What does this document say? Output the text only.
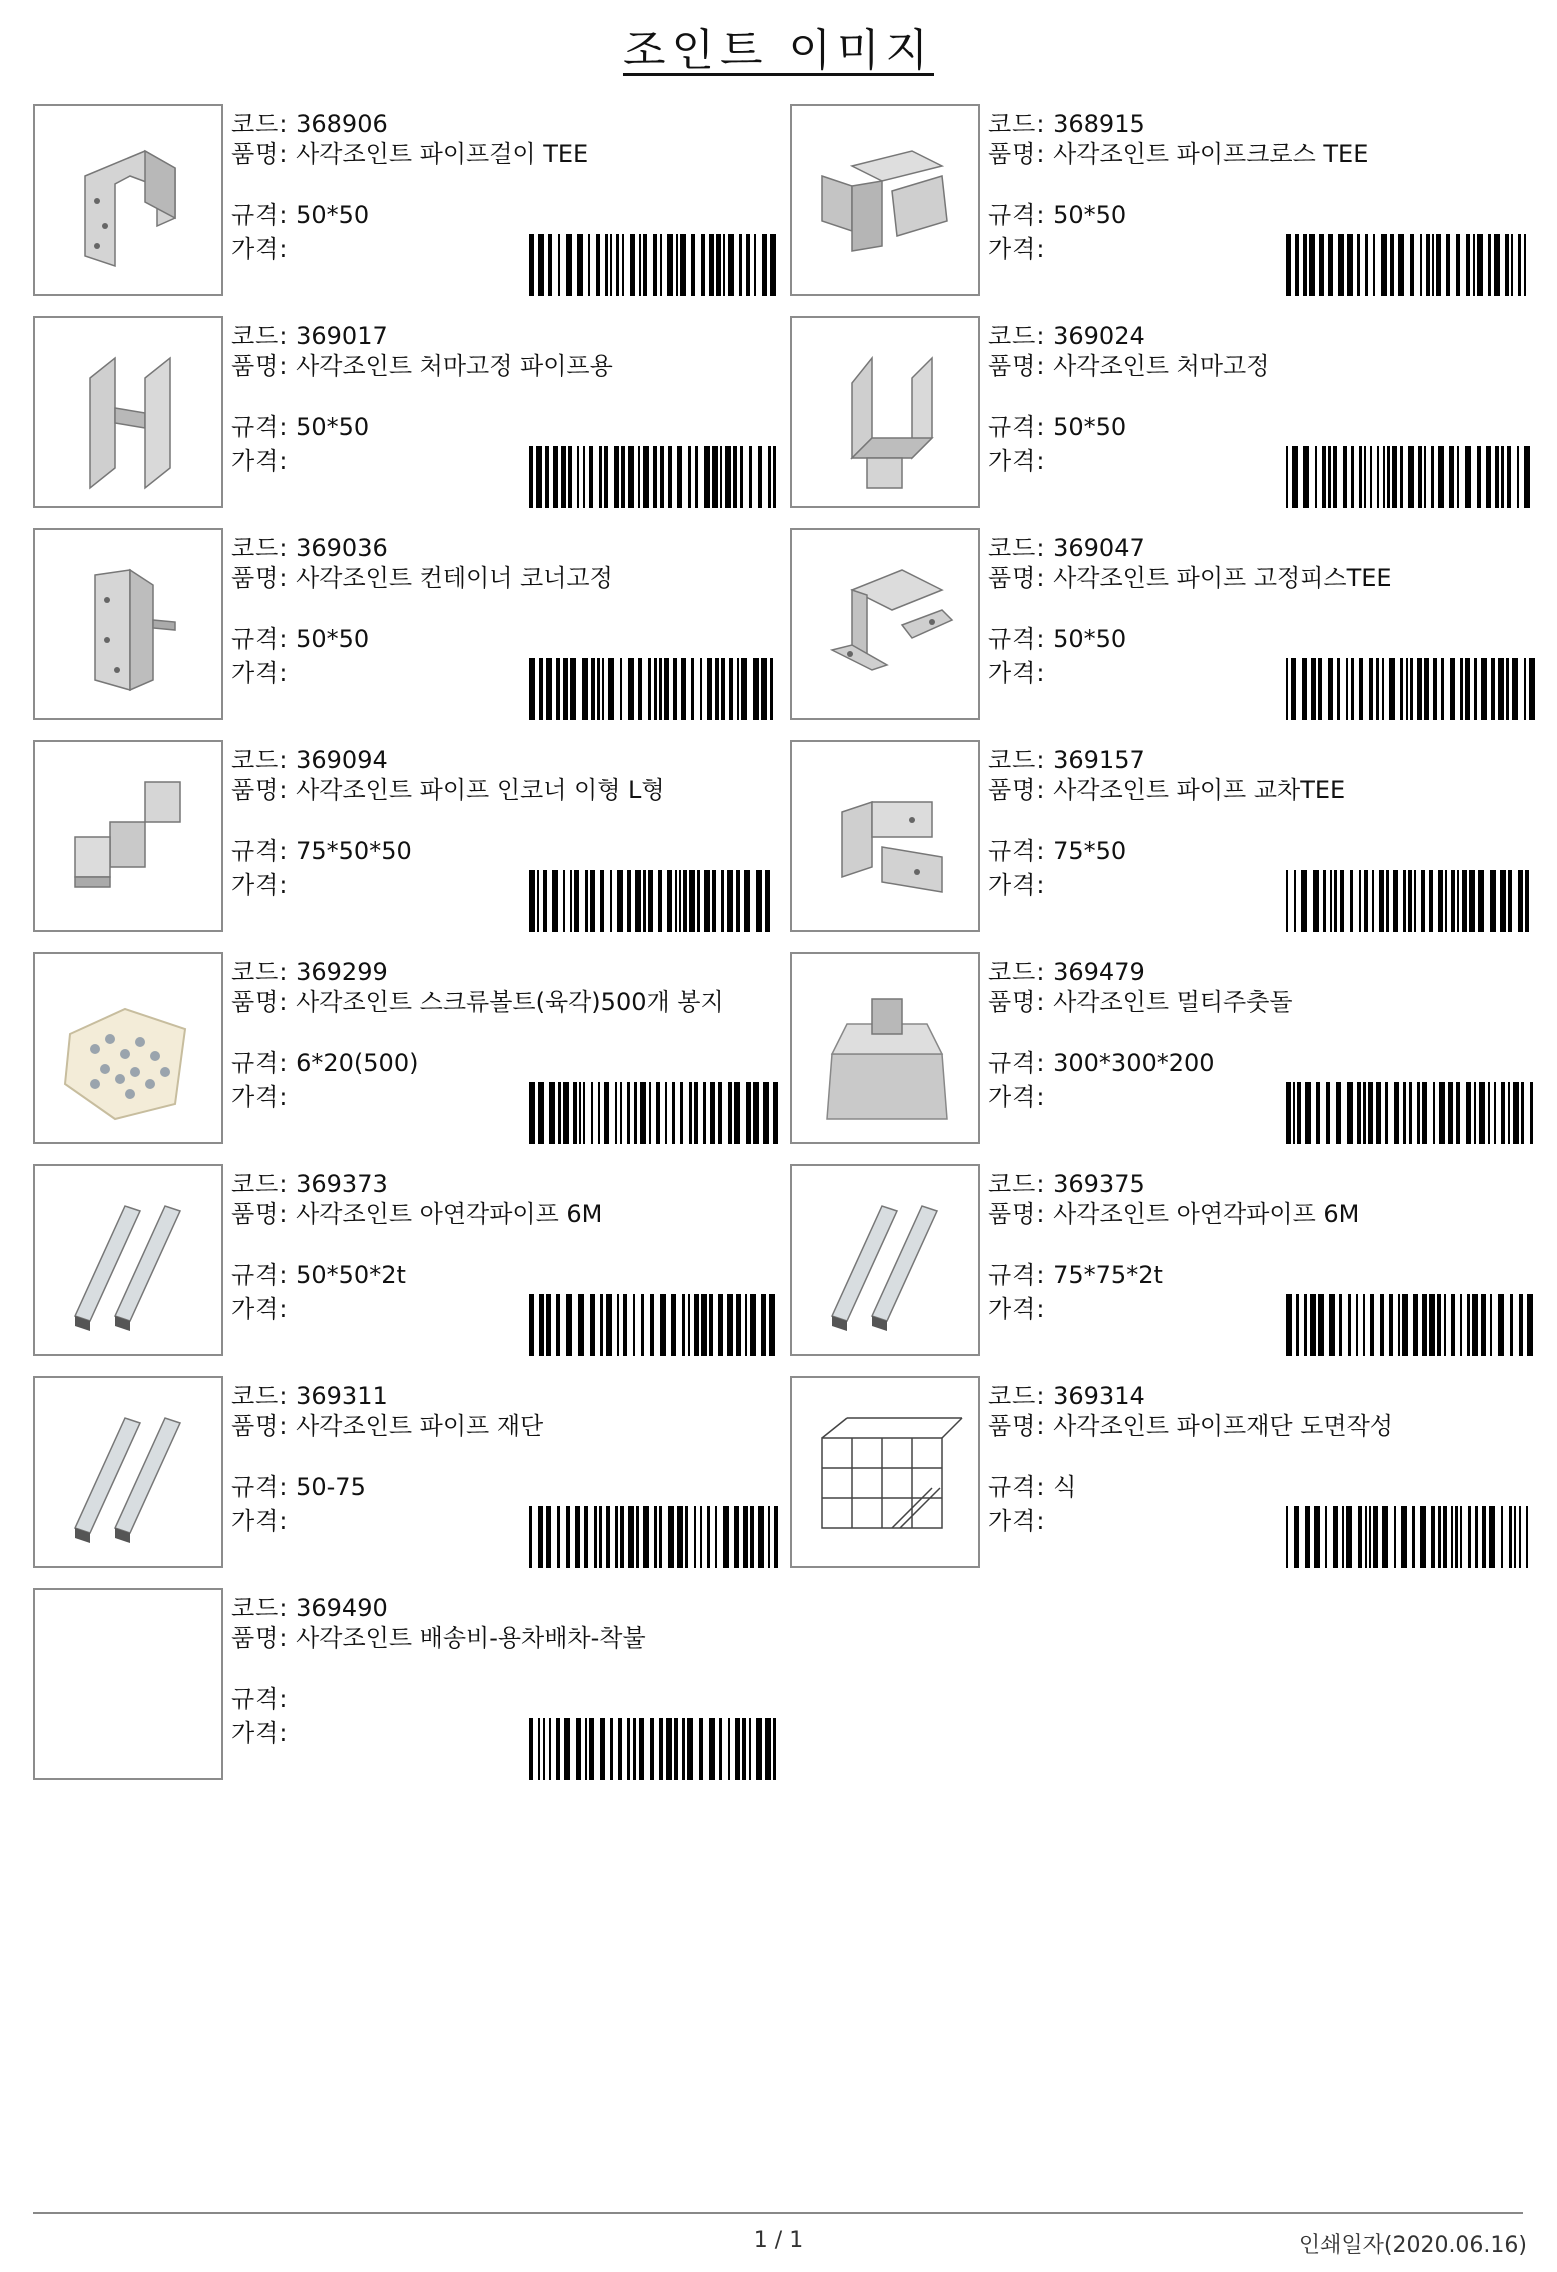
조인트 이미지
코드: 368906
품명: 사각조인트 파이프걸이 TEE
규격: 50*50
가격:
코드: 368915
품명: 사각조인트 파이프크로스 TEE
규격: 50*50
가격:
코드: 369017
품명: 사각조인트 처마고정 파이프용
규격: 50*50
가격:
코드: 369024
품명: 사각조인트 처마고정
규격: 50*50
가격:
코드: 369036
품명: 사각조인트 컨테이너 코너고정
규격: 50*50
가격:
코드: 369047
품명: 사각조인트 파이프 고정피스TEE
규격: 50*50
가격:
코드: 369094
품명: 사각조인트 파이프 인코너 이형 L형
규격: 75*50*50
가격:
코드: 369157
품명: 사각조인트 파이프 교차TEE
규격: 75*50
가격:
코드: 369299
품명: 사각조인트 스크류볼트(육각)500개 봉지
규격: 6*20(500)
가격:
코드: 369479
품명: 사각조인트 멀티주춧돌
규격: 300*300*200
가격:
코드: 369373
품명: 사각조인트 아연각파이프 6M
규격: 50*50*2t
가격:
코드: 369375
품명: 사각조인트 아연각파이프 6M
규격: 75*75*2t
가격:
코드: 369311
품명: 사각조인트 파이프 재단
규격: 50-75
가격:
코드: 369314
품명: 사각조인트 파이프재단 도면작성
규격: 식
가격:
코드: 369490
품명: 사각조인트 배송비-용차배차-착불
규격:
가격:
1 / 1	인쇄일자(2020.06.16)
